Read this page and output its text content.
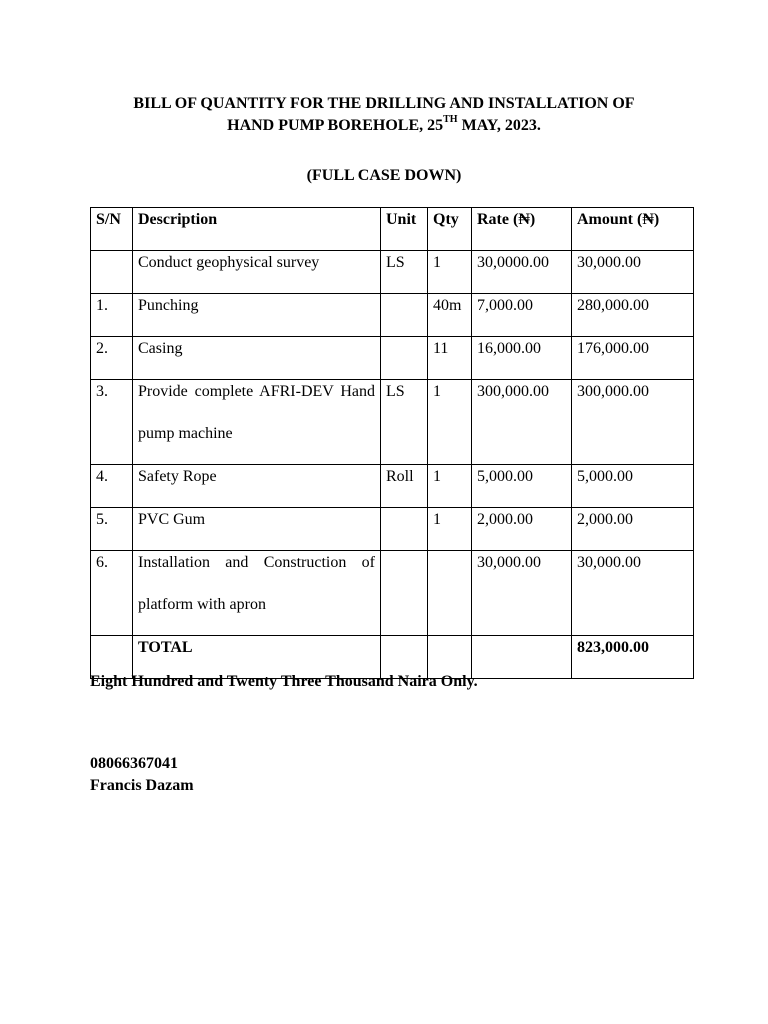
BILL OF QUANTITY FOR THE DRILLING AND INSTALLATION OF
HAND PUMP BOREHOLE, 25TH MAY, 2023.
(FULL CASE DOWN)
S/N	Description	Unit	Qty	Rate (₦)	Amount (₦)
	Conduct geophysical survey	LS	1	30,0000.00	30,000.00
1.	Punching		40m	7,000.00	280,000.00
2.	Casing		11	16,000.00	176,000.00
3.	Provide complete AFRI-DEV Hand pump machine	LS	1	300,000.00	300,000.00
4.	Safety Rope	Roll	1	5,000.00	5,000.00
5.	PVC Gum		1	2,000.00	2,000.00
6.	Installation and Construction of platform with apron			30,000.00	30,000.00
	TOTAL				823,000.00
Eight Hundred and Twenty Three Thousand Naira Only.
08066367041
Francis Dazam
